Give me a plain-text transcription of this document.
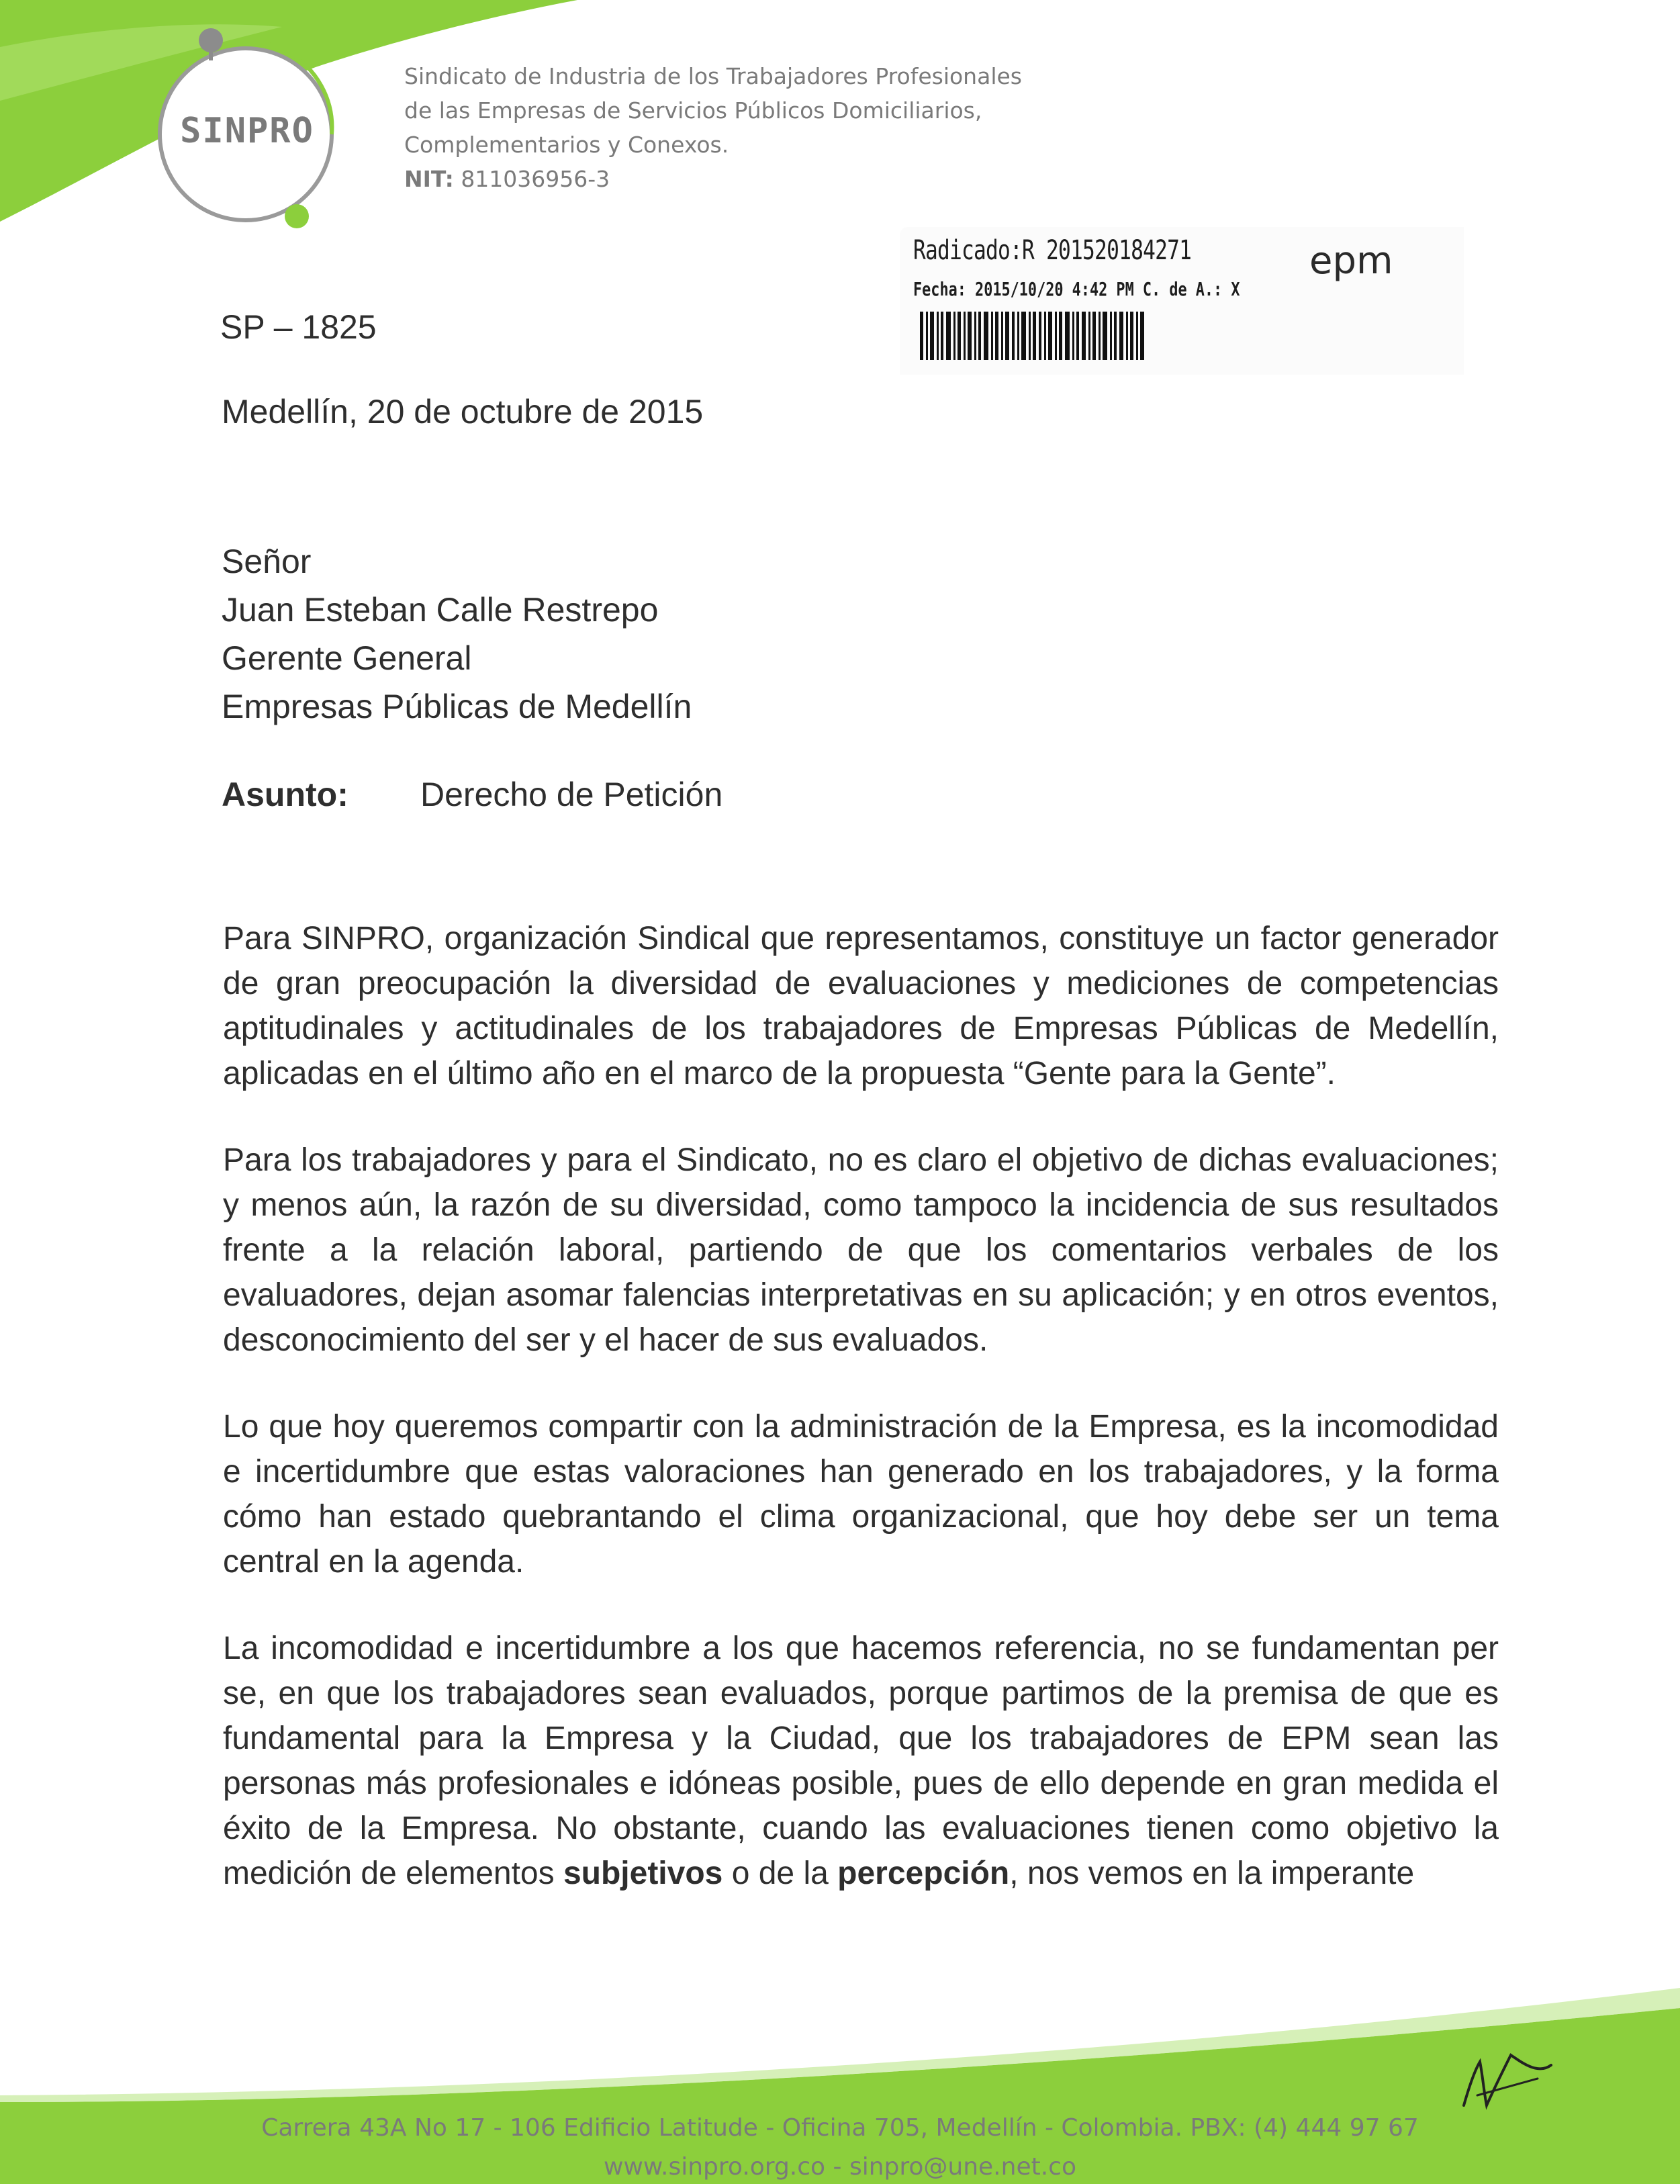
SINPRO
Sindicato de Industria de los Trabajadores Profesionales
de las Empresas de Servicios Públicos Domiciliarios,
Complementarios y Conexos.
NIT: 811036956-3
Radicado:R 201520184271
Fecha: 2015/10/20 4:42 PM C. de A.: X
epm
SP – 1825
Medellín, 20 de octubre de 2015
Señor
Juan Esteban Calle Restrepo
Gerente General
Empresas Públicas de Medellín
Asunto: Derecho de Petición

Para SINPRO, organización Sindical que representamos, constituye un factor generador de gran preocupación la diversidad de evaluaciones y mediciones de competencias aptitudinales y actitudinales de los trabajadores de Empresas Públicas de Medellín, aplicadas en el último año en el marco de la propuesta “Gente para la Gente”.

Para los trabajadores y para el Sindicato, no es claro el objetivo de dichas evaluaciones; y menos aún, la razón de su diversidad, como tampoco la incidencia de sus resultados frente a la relación laboral, partiendo de que los comentarios verbales de los evaluadores, dejan asomar falencias interpretativas en su aplicación; y en otros eventos, desconocimiento del ser y el hacer de sus evaluados.

Lo que hoy queremos compartir con la administración de la Empresa, es la incomodidad e incertidumbre que estas valoraciones han generado en los trabajadores, y la forma cómo han estado quebrantando el clima organizacional, que hoy debe ser un tema central en la agenda.

La incomodidad e incertidumbre a los que hacemos referencia, no se fundamentan per se, en que los trabajadores sean evaluados, porque partimos de la premisa de que es fundamental para la Empresa y la Ciudad, que los trabajadores de EPM sean las personas más profesionales e idóneas posible, pues de ello depende en gran medida el éxito de la Empresa. No obstante, cuando las evaluaciones tienen como objetivo la medición de elementos subjetivos o de la percepción, nos vemos en la imperante

Carrera 43A No 17 - 106 Edificio Latitude - Oficina 705, Medellín - Colombia. PBX: (4) 444 97 67
www.sinpro.org.co - sinpro@une.net.co
